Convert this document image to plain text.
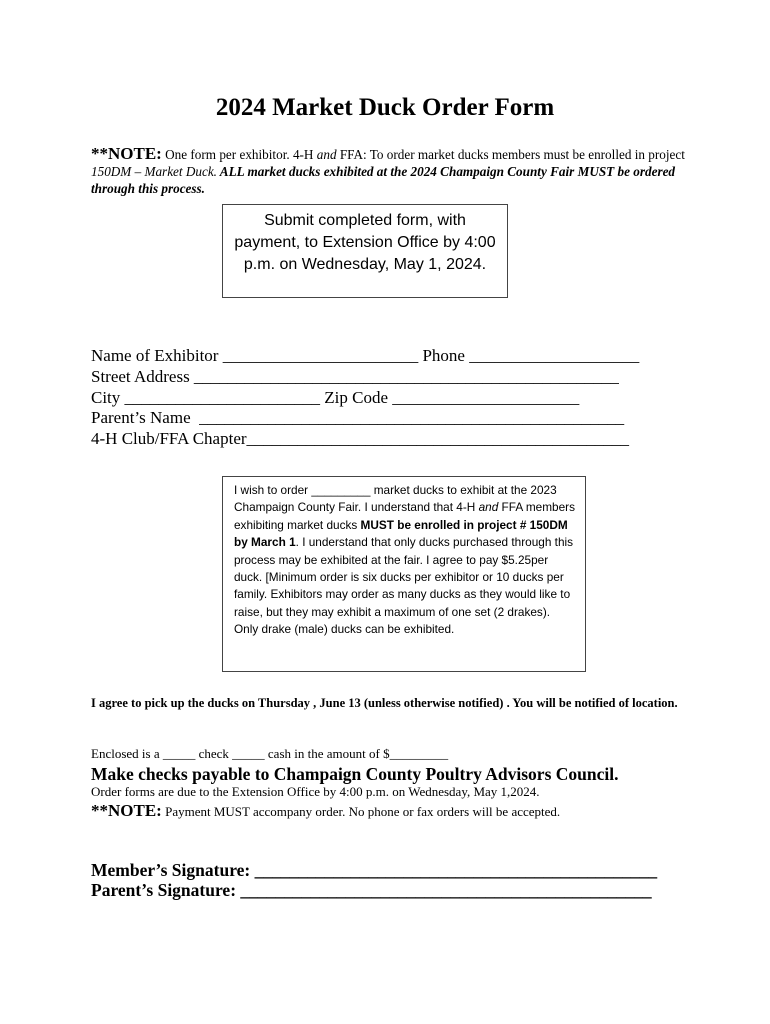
2024 Market Duck Order Form
**NOTE: One form per exhibitor. 4-H and FFA: To order market ducks members must be enrolled in project 150DM – Market Duck. ALL market ducks exhibited at the 2024 Champaign County Fair MUST be ordered through this process.
Submit completed form, with payment, to Extension Office by 4:00 p.m. on Wednesday, May 1, 2024.
Name of Exhibitor _______________________ Phone ____________________
Street Address __________________________________________________
City _______________________ Zip Code ______________________
Parent’s Name  __________________________________________________
4-H Club/FFA Chapter_____________________________________________
I wish to order _________ market ducks to exhibit at the 2023 Champaign County Fair. I understand that 4-H and FFA members exhibiting market ducks MUST be enrolled in project # 150DM by March 1. I understand that only ducks purchased through this process may be exhibited at the fair. I agree to pay $5.25per duck. [Minimum order is six ducks per exhibitor or 10 ducks per family. Exhibitors may order as many ducks as they would like to raise, but they may exhibit a maximum of one set (2 drakes). Only drake (male) ducks can be exhibited.
I agree to pick up the ducks on Thursday , June 13 (unless otherwise notified) . You will be notified of location.
Enclosed is a _____ check _____ cash in the amount of $_________
Make checks payable to Champaign County Poultry Advisors Council.
Order forms are due to the Extension Office by 4:00 p.m. on Wednesday, May 1,2024.
**NOTE: Payment MUST accompany order. No phone or fax orders will be accepted.
Member’s Signature: ______________________________________________
Parent’s Signature: _______________________________________________
